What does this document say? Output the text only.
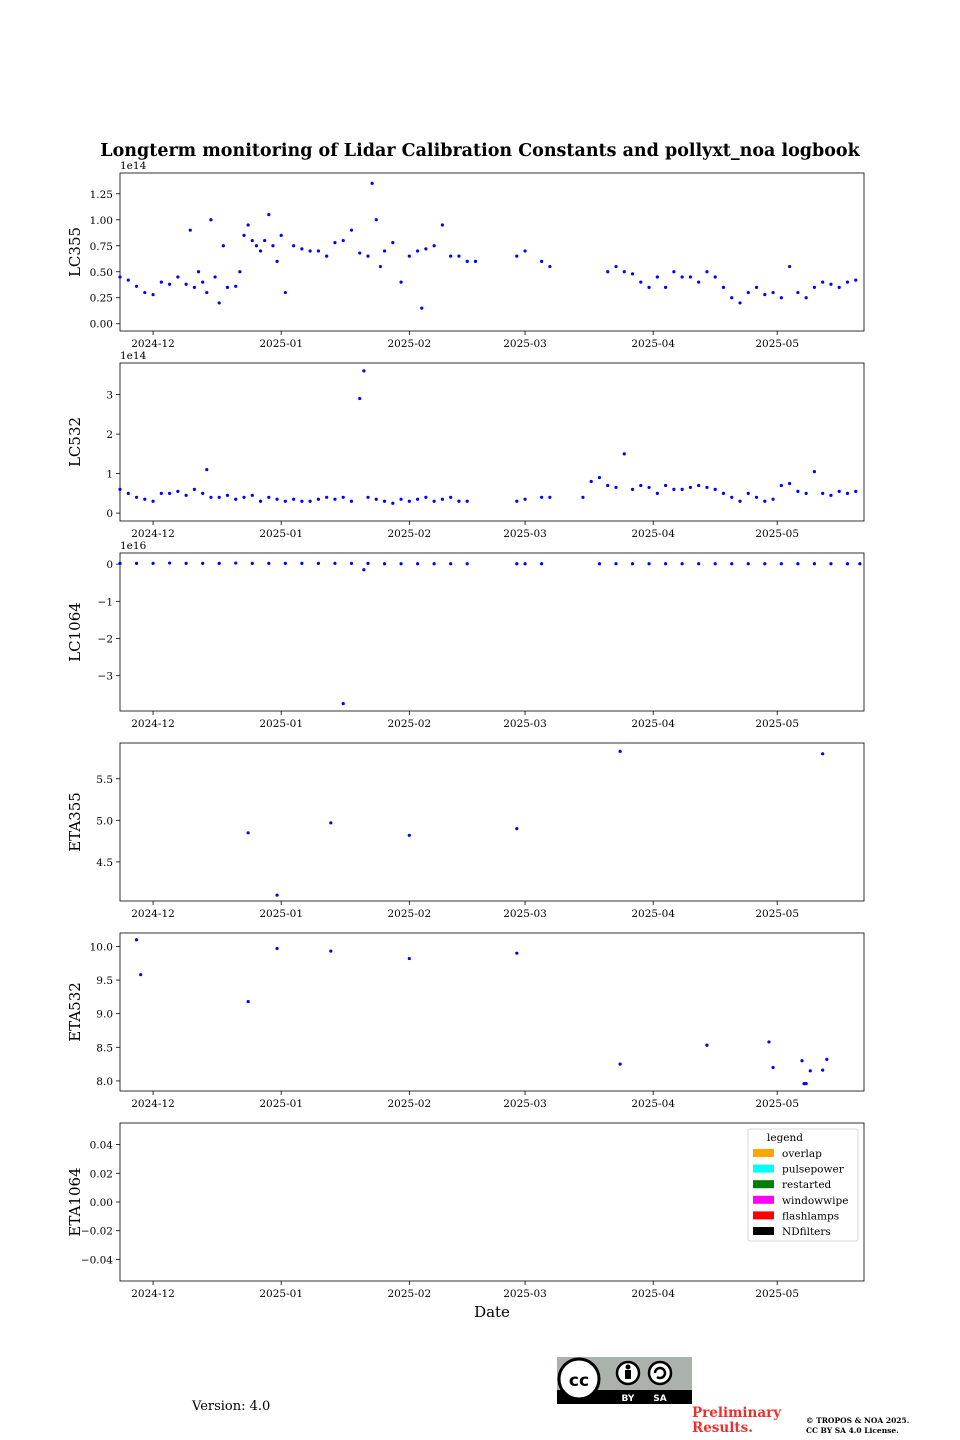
2024-12	2025-01	2025-02	2025-03	2025-04	2025-05
0.00
0.25
0.50
0.75
1.00
1.25
1e14
LC355
2024-12	2025-01	2025-02	2025-03	2025-04	2025-05
0
1
2
3
1e14
LC532
2024-12	2025-01	2025-02	2025-03	2025-04	2025-05
0
−1
−2
−3
1e16
LC1064
2024-12	2025-01	2025-02	2025-03	2025-04	2025-05
4.5
5.0
5.5
ETA355
2024-12	2025-01	2025-02	2025-03	2025-04	2025-05
8.0
8.5
9.0
9.5
10.0
ETA532
2024-12	2025-01	2025-02	2025-03	2025-04	2025-05
0.04
0.02
0.00
−0.02
−0.04
ETA1064
legend
overlap
pulsepower
restarted
windowwipe
flashlamps
NDfilters
Date
Longterm monitoring of Lidar Calibration Constants and pollyxt_noa logbook
cc
BY SA
Version: 4.0	Preliminary Results.	© TROPOS & NOA 2025.
CC BY SA 4.0 License.
